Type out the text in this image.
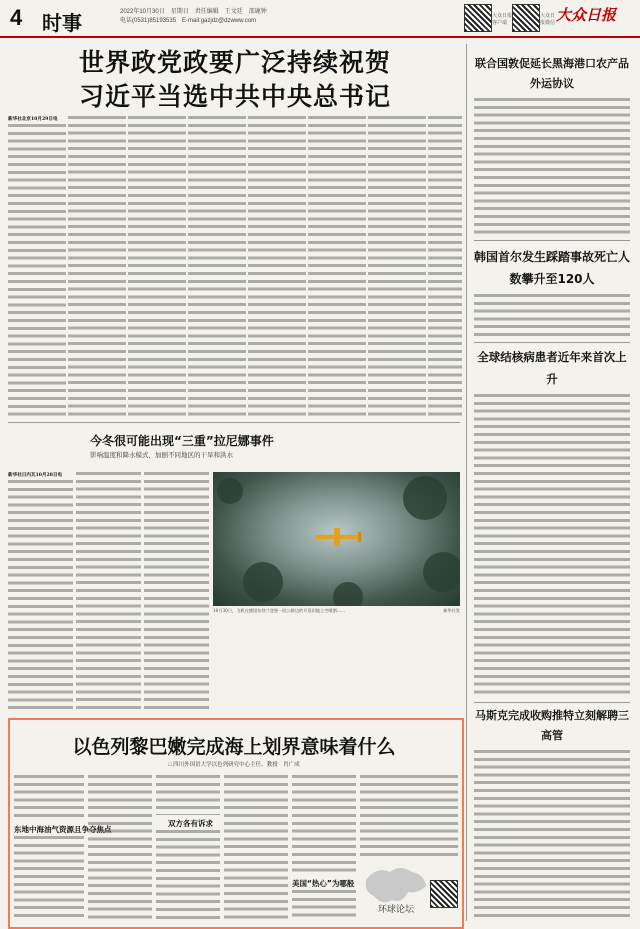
4 时事
2022年10月30日　星期日　责任编辑　王文廷　邵鹿钟
电话(0531)85193535　E-mail:gazjdz@dzwww.com
大众日报客户端
大众日报微信 大众日报
世界政党政要广泛持续祝贺
习近平当选中共中央总书记
新华社北京10月29日电
今冬很可能出现“三重”拉尼娜事件
影响温度和降水模式，加剧不同地区的干旱和洪水
新华社日内瓦10月28日电
10月30日，飞机在德国东勃兰登堡一段公路边的开垦田地上空喷洒……	新华社发
以色列黎巴嫩完成海上划界意味着什么
□ 四川外国语大学以色列研究中心主任、教授　肖广成
东地中海油气资源且争夺焦点
双方各有诉求
美国“热心”为哪般
环球论坛
联合国敦促延长黑海港口农产品外运协议
韩国首尔发生踩踏事故死亡人数攀升至120人
全球结核病患者近年来首次上升
马斯克完成收购推特立刻解聘三高管
